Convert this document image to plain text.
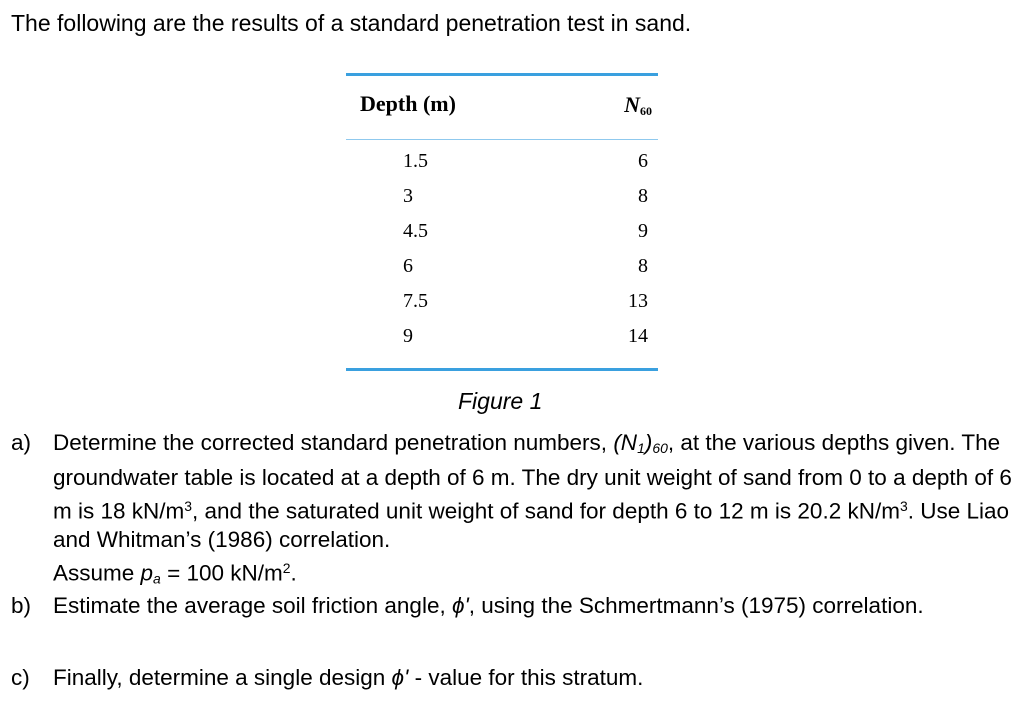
The following are the results of a standard penetration test in sand.
Depth (m)	$N_{60}$
1.5	6
3	8
4.5	9
6	8
7.5	13
9	14
Figure 1
a) Determine the corrected standard penetration numbers, $(N_1)_{60}$, at the various depths given. The groundwater table is located at a depth of 6 m. The dry unit weight of sand from 0 to a depth of 6 m is 18 $kN/m^3$, and the saturated unit weight of sand for depth 6 to 12 m is 20.2 $kN/m^3$. Use Liao and Whitman’s (1986) correlation.
Assume $p_a = 100$ $kN/m^2$.
b) Estimate the average soil friction angle, ϕ', using the Schmertmann’s (1975) correlation.
c)	Finally, determine a single design ϕ' - value for this stratum.
